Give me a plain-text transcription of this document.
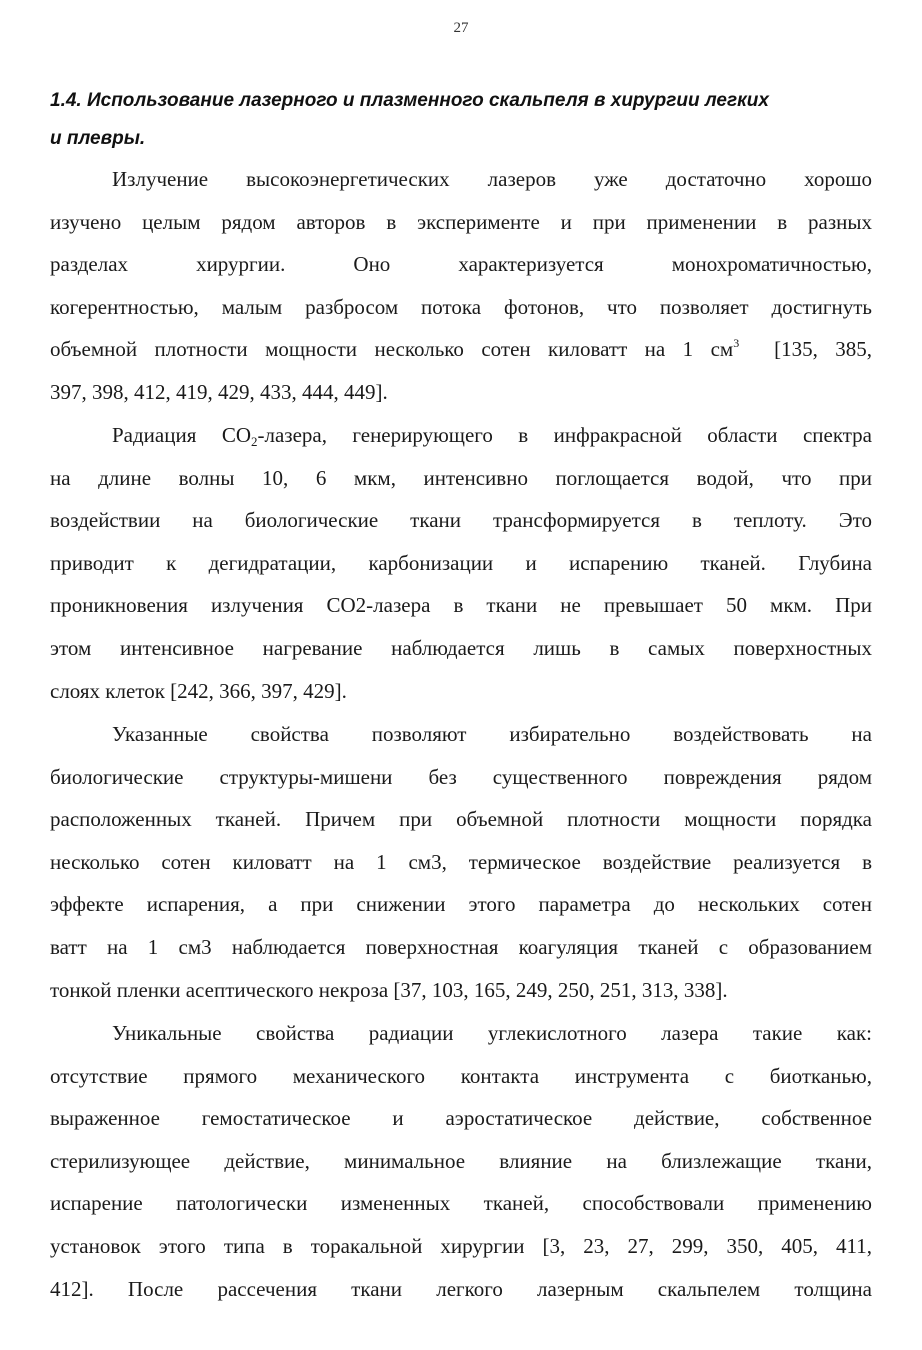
27
1.4. Использование лазерного и плазменного скальпеля в хирургии легких
и плевры.
Излучение высокоэнергетических лазеров уже достаточно хорошо
изучено целым рядом авторов в эксперименте и при применении в разных
разделах хирургии. Оно характеризуется монохроматичностью,
когерентностью, малым разбросом потока фотонов, что позволяет достигнуть
объемной плотности мощности несколько сотен киловатт на 1 $см^3$  [135, 385,
397, 398, 412, 419, 429, 433, 444, 449].
Радиация $CO_2$-лазера, генерирующего в инфракрасной области спектра
на длине волны 10, 6 мкм, интенсивно поглощается водой, что при
воздействии на биологические ткани трансформируется в теплоту. Это
приводит к дегидратации, карбонизации и испарению тканей. Глубина
проникновения излучения СО2-лазера в ткани не превышает 50 мкм. При
этом интенсивное нагревание наблюдается лишь в самых поверхностных
слоях клеток [242, 366, 397, 429].
Указанные свойства позволяют избирательно воздействовать на
биологические структуры-мишени без существенного повреждения рядом
расположенных тканей. Причем при объемной плотности мощности порядка
несколько сотен киловатт на 1 см3, термическое воздействие реализуется в
эффекте испарения, а при снижении этого параметра до нескольких сотен
ватт на 1 см3 наблюдается поверхностная коагуляция тканей с образованием
тонкой пленки асептического некроза [37, 103, 165, 249, 250, 251, 313, 338].
Уникальные свойства радиации углекислотного лазера такие как:
отсутствие прямого механического контакта инструмента с биотканью,
выраженное гемостатическое и аэростатическое действие, собственное
стерилизующее действие, минимальное влияние на близлежащие ткани,
испарение патологически измененных тканей, способствовали применению
установок этого типа в торакальной хирургии [3, 23, 27, 299, 350, 405, 411,
412]. После рассечения ткани легкого лазерным скальпелем толщина
